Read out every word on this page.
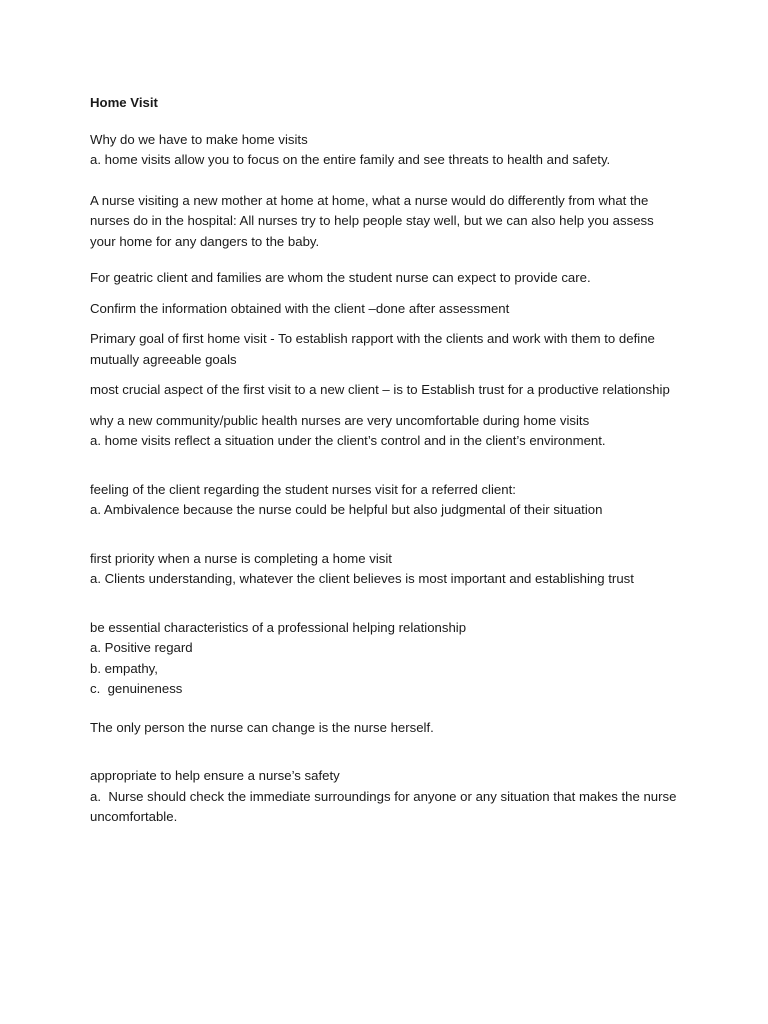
Home Visit

Why do we have to make home visits

a. home visits allow you to focus on the entire family and see threats to health and safety.

A nurse visiting a new mother at home at home, what a nurse would do differently from what the nurses do in the hospital: All nurses try to help people stay well, but we can also help you assess your home for any dangers to the baby.

For geatric client and families are whom the student nurse can expect to provide care.

Confirm the information obtained with the client –done after assessment

Primary goal of first home visit - To establish rapport with the clients and work with them to define mutually agreeable goals

most crucial aspect of the first visit to a new client – is to Establish trust for a productive relationship

why a new community/public health nurses are very uncomfortable during home visits

a. home visits reflect a situation under the client’s control and in the client’s environment.

feeling of the client regarding the student nurses visit for a referred client:

a. Ambivalence because the nurse could be helpful but also judgmental of their situation

first priority when a nurse is completing a home visit

a. Clients understanding, whatever the client believes is most important and establishing trust

be essential characteristics of a professional helping relationship

a. Positive regard

b. empathy,

c.  genuineness

The only person the nurse can change is the nurse herself.

appropriate to help ensure a nurse’s safety

a.  Nurse should check the immediate surroundings for anyone or any situation that makes the nurse uncomfortable.
